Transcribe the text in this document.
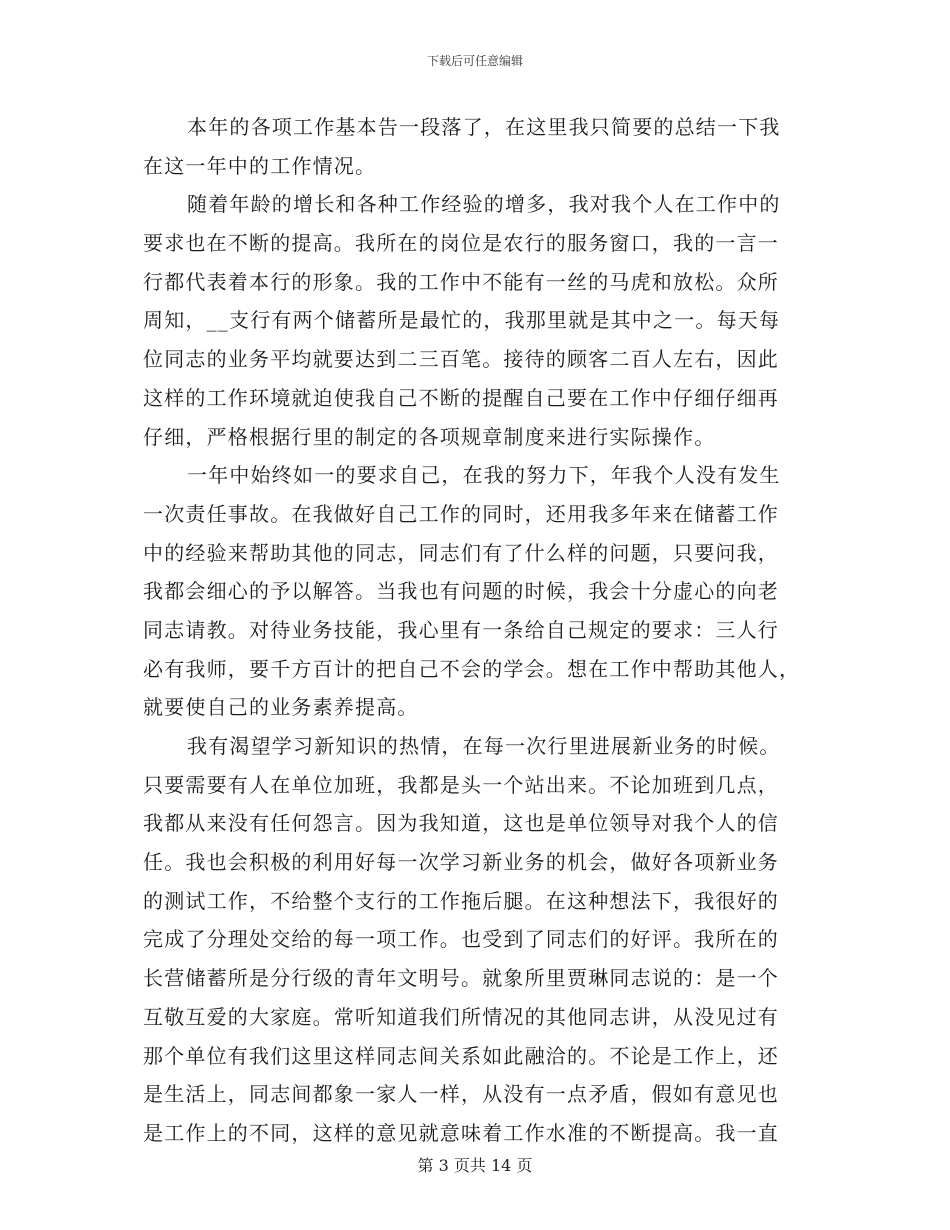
下载后可任意编辑
本年的各项工作基本告一段落了，在这里我只简要的总结一下我
在这一年中的工作情况。
随着年龄的增长和各种工作经验的增多，我对我个人在工作中的
要求也在不断的提高。我所在的岗位是农行的服务窗口，我的一言一
行都代表着本行的形象。我的工作中不能有一丝的马虎和放松。众所
周知，__支行有两个储蓄所是最忙的，我那里就是其中之一。每天每
位同志的业务平均就要达到二三百笔。接待的顾客二百人左右，因此
这样的工作环境就迫使我自己不断的提醒自己要在工作中仔细仔细再
仔细，严格根据行里的制定的各项规章制度来进行实际操作。
一年中始终如一的要求自己，在我的努力下，年我个人没有发生
一次责任事故。在我做好自己工作的同时，还用我多年来在储蓄工作
中的经验来帮助其他的同志，同志们有了什么样的问题，只要问我，
我都会细心的予以解答。当我也有问题的时候，我会十分虚心的向老
同志请教。对待业务技能，我心里有一条给自己规定的要求：三人行
必有我师，要千方百计的把自己不会的学会。想在工作中帮助其他人，
就要使自己的业务素养提高。
我有渴望学习新知识的热情，在每一次行里进展新业务的时候。
只要需要有人在单位加班，我都是头一个站出来。不论加班到几点，
我都从来没有任何怨言。因为我知道，这也是单位领导对我个人的信
任。我也会积极的利用好每一次学习新业务的机会，做好各项新业务
的测试工作，不给整个支行的工作拖后腿。在这种想法下，我很好的
完成了分理处交给的每一项工作。也受到了同志们的好评。我所在的
长营储蓄所是分行级的青年文明号。就象所里贾琳同志说的：是一个
互敬互爱的大家庭。常听知道我们所情况的其他同志讲，从没见过有
那个单位有我们这里这样同志间关系如此融洽的。不论是工作上，还
是生活上，同志间都象一家人一样，从没有一点矛盾，假如有意见也
是工作上的不同，这样的意见就意味着工作水准的不断提高。我一直
第 3 页共 14 页
